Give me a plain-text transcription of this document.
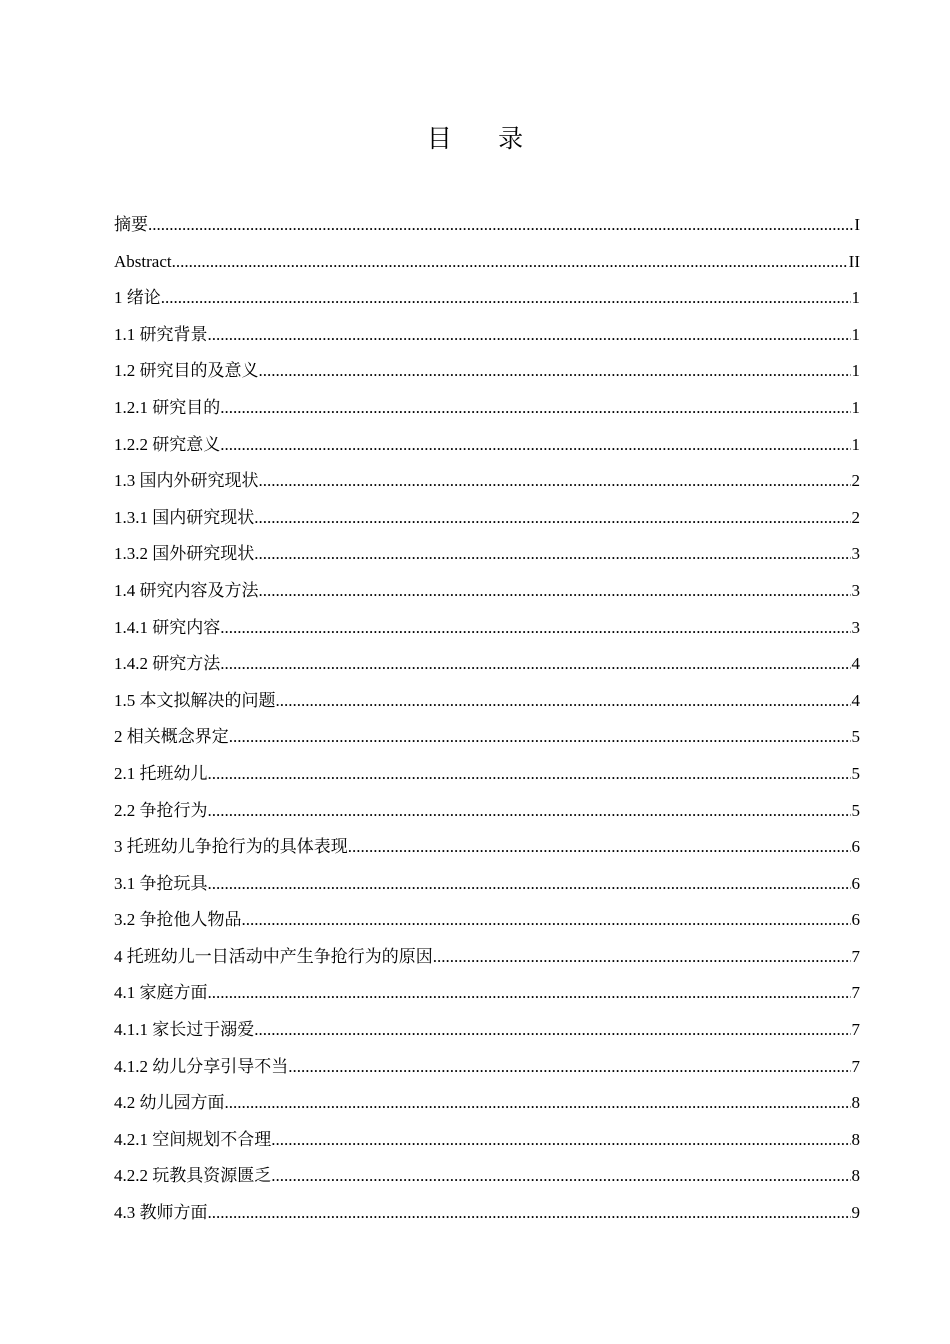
目 录
摘要 .....	I
Abstract .....	II
1 绪论 .....	1
1.1 研究背景 .....	1
1.2 研究目的及意义 .....	1
1.2.1 研究目的 .....	1
1.2.2 研究意义 .....	1
1.3 国内外研究现状 .....	2
1.3.1 国内研究现状 .....	2
1.3.2 国外研究现状 .....	3
1.4 研究内容及方法 .....	3
1.4.1 研究内容 .....	3
1.4.2 研究方法 .....	4
1.5 本文拟解决的问题 .....	4
2 相关概念界定 .....	5
2.1 托班幼儿 .....	5
2.2 争抢行为 .....	5
3 托班幼儿争抢行为的具体表现 .....	6
3.1 争抢玩具 .....	6
3.2 争抢他人物品 .....	6
4 托班幼儿一日活动中产生争抢行为的原因 .....	7
4.1 家庭方面 .....	7
4.1.1 家长过于溺爱 .....	7
4.1.2 幼儿分享引导不当 .....	7
4.2 幼儿园方面 .....	8
4.2.1 空间规划不合理 .....	8
4.2.2 玩教具资源匮乏 .....	8
4.3 教师方面 .....	9
